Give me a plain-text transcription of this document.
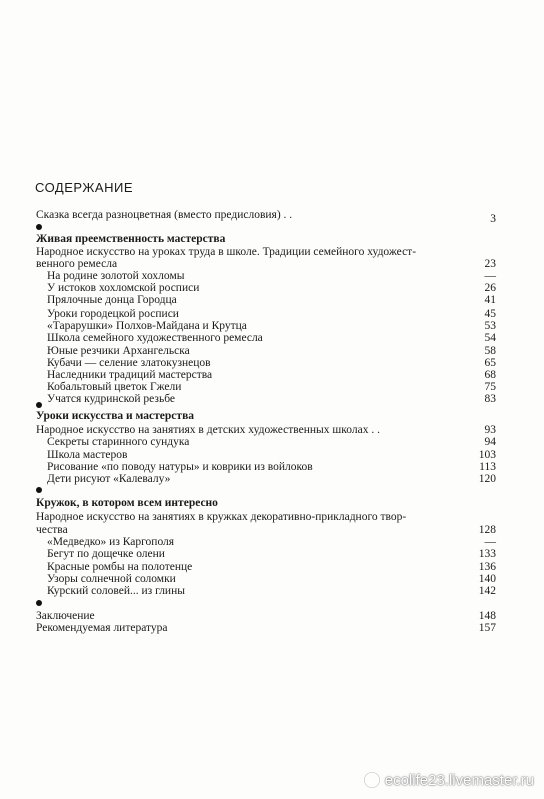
СОДЕРЖАНИЕ
Сказка всегда разноцветная (вместо предисловия) . .	3
Живая преемственность мастерства
Народное искусство на уроках труда в школе. Традиции семейного художест-
венного ремесла	23
На родине золотой хохломы	—
У истоков хохломской росписи	26
Прялочные донца Городца	41
Уроки городецкой росписи	45
«Тарарушки» Полхов-Майдана и Крутца	53
Школа семейного художественного ремесла	54
Юные резчики Архангельска	58
Кубачи — селение златокузнецов	65
Наследники традиций мастерства	68
Кобальтовый цветок Гжели	75
Учатся кудринской резьбе	83
Уроки искусства и мастерства
Народное искусство на занятиях в детских художественных школах . .	93
Секреты старинного сундука	94
Школа мастеров	103
Рисование «по поводу натуры» и коврики из войлоков	113
Дети рисуют «Калевалу»	120
Кружок, в котором всем интересно
Народное искусство на занятиях в кружках декоративно-прикладного твор-
чества	128
«Медведко» из Каргополя	—
Бегут по дощечке олени	133
Красные ромбы на полотенце	136
Узоры солнечной соломки	140
Курский соловей... из глины	142
Заключение	148
Рекомендуемая литература	157
ecolife23.livemaster.ru
